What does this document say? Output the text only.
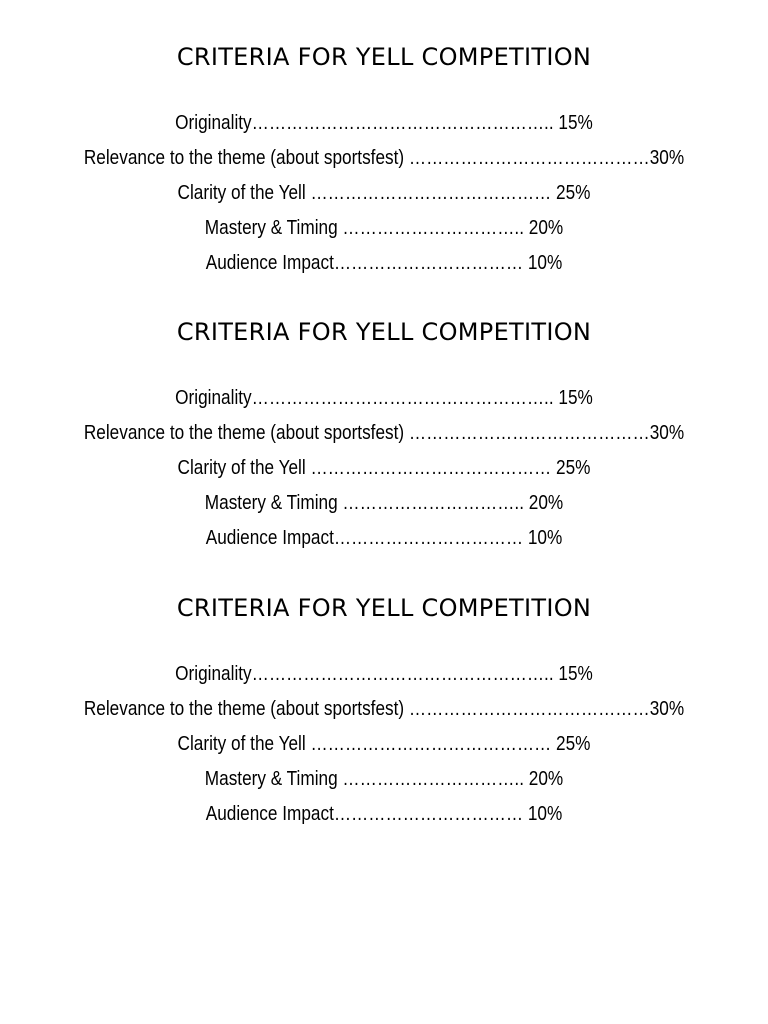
CRITERIA FOR YELL COMPETITION
Originality…………………………………………….. 15%
Relevance to the theme (about sportsfest) ……………………………………30%
Clarity of the Yell …………………………………… 25%
Mastery & Timing ………………………….. 20%
Audience Impact…………………………… 10%
CRITERIA FOR YELL COMPETITION
Originality…………………………………………….. 15%
Relevance to the theme (about sportsfest) ……………………………………30%
Clarity of the Yell …………………………………… 25%
Mastery & Timing ………………………….. 20%
Audience Impact…………………………… 10%
CRITERIA FOR YELL COMPETITION
Originality…………………………………………….. 15%
Relevance to the theme (about sportsfest) ……………………………………30%
Clarity of the Yell …………………………………… 25%
Mastery & Timing ………………………….. 20%
Audience Impact…………………………… 10%
